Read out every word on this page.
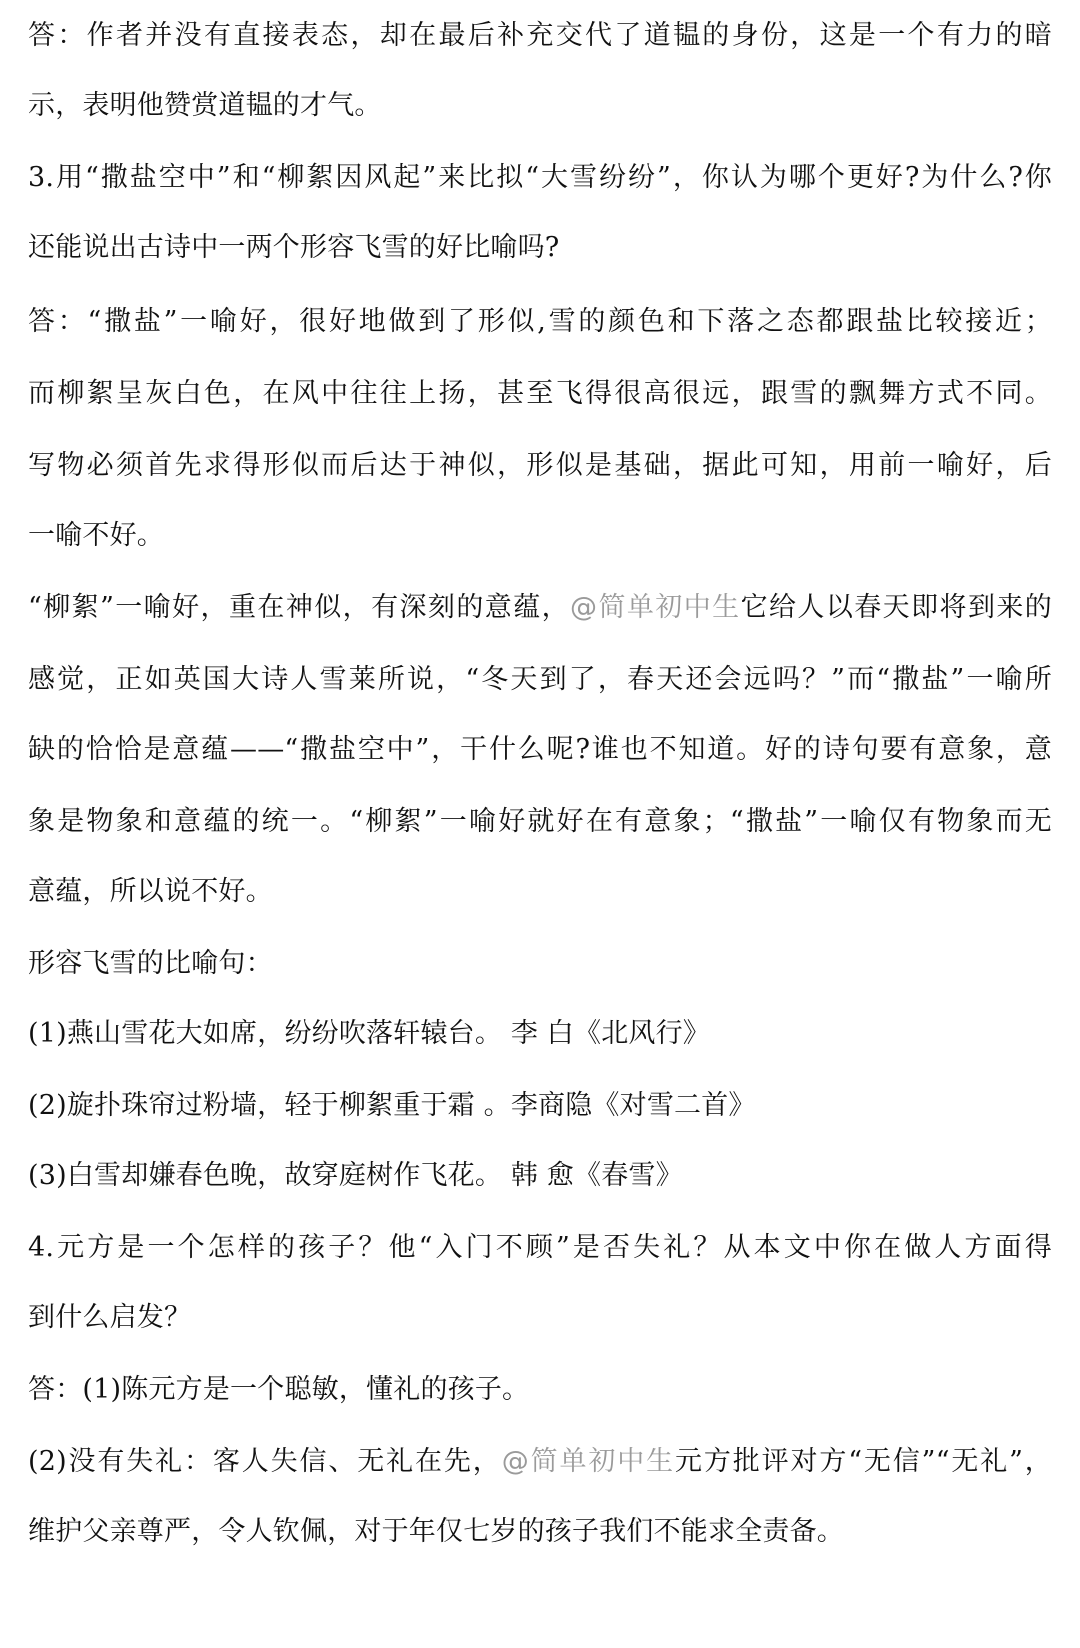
答：作者并没有直接表态，却在最后补充交代了道韫的身份，这是一个有力的暗
示，表明他赞赏道韫的才气。
3.用“撒盐空中”和“柳絮因风起”来比拟“大雪纷纷”，你认为哪个更好?为什么?你
还能说出古诗中一两个形容飞雪的好比喻吗?
答：“撒盐”一喻好，很好地做到了形似,雪的颜色和下落之态都跟盐比较接近；
而柳絮呈灰白色，在风中往往上扬，甚至飞得很高很远，跟雪的飘舞方式不同。
写物必须首先求得形似而后达于神似，形似是基础，据此可知，用前一喻好，后
一喻不好。
“柳絮”一喻好，重在神似，有深刻的意蕴，@简单初中生它给人以春天即将到来的
感觉，正如英国大诗人雪莱所说，“冬天到了，春天还会远吗？”而“撒盐”一喻所
缺的恰恰是意蕴——“撒盐空中”，干什么呢?谁也不知道。好的诗句要有意象，意
象是物象和意蕴的统一。“柳絮”一喻好就好在有意象；“撒盐”一喻仅有物象而无
意蕴，所以说不好。
形容飞雪的比喻句：
(1)燕山雪花大如席，纷纷吹落轩辕台。 李 白《北风行》
(2)旋扑珠帘过粉墙，轻于柳絮重于霜 。李商隐《对雪二首》
(3)白雪却嫌春色晚，故穿庭树作飞花。 韩 愈《春雪》
4.元方是一个怎样的孩子？他“入门不顾”是否失礼？从本文中你在做人方面得
到什么启发？
答：(1)陈元方是一个聪敏，懂礼的孩子。
(2)没有失礼：客人失信、无礼在先，@简单初中生元方批评对方“无信”“无礼”，
维护父亲尊严，令人钦佩，对于年仅七岁的孩子我们不能求全责备。
